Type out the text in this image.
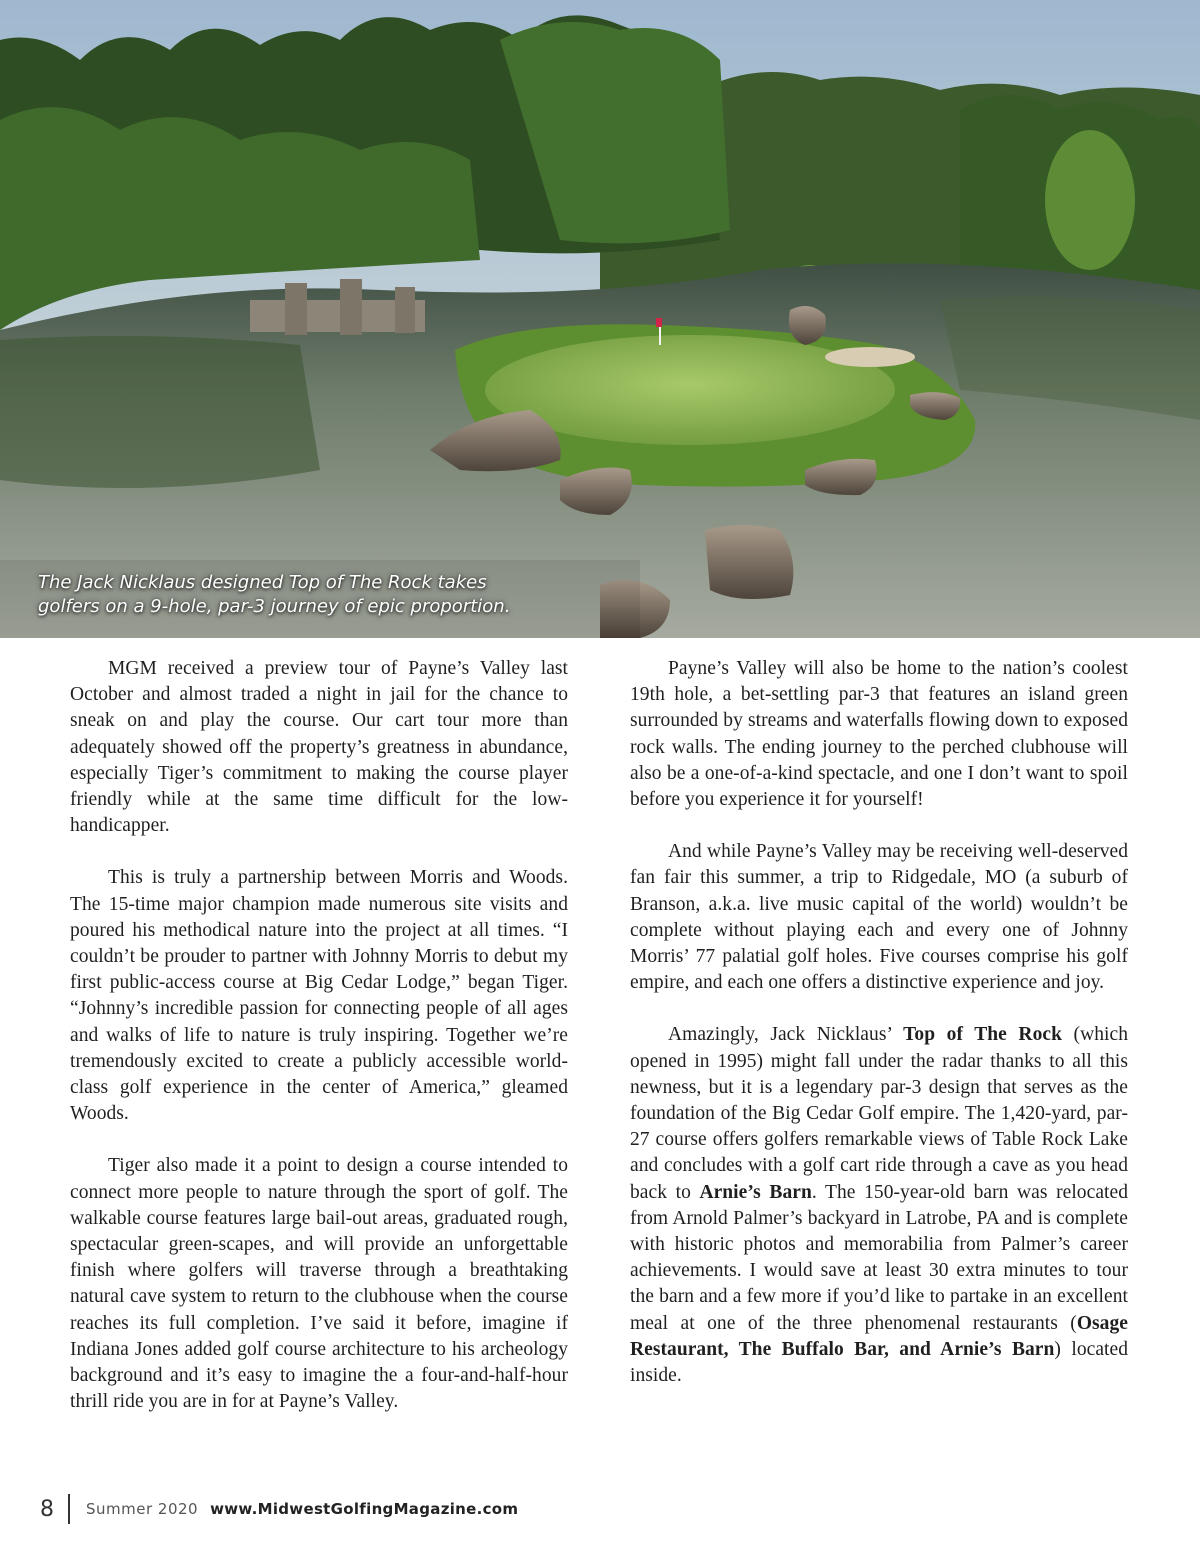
The Jack Nicklaus designed Top of The Rock takes
golfers on a 9-hole, par-3 journey of epic proportion.

MGM received a preview tour of Payne’s Valley last October and almost traded a night in jail for the chance to sneak on and play the course. Our cart tour more than adequately showed off the property’s greatness in abundance, especially Tiger’s commitment to making the course player friendly while at the same time difficult for the low-handicapper.

This is truly a partnership between Morris and Woods. The 15-time major champion made numerous site visits and poured his methodical nature into the project at all times. “I couldn’t be prouder to partner with Johnny Morris to debut my first public-access course at Big Cedar Lodge,” began Tiger. “Johnny’s incredible passion for connecting people of all ages and walks of life to nature is truly inspiring. Together we’re tremendously excited to create a publicly accessible world-class golf experience in the center of America,” gleamed Woods.

Tiger also made it a point to design a course intended to connect more people to nature through the sport of golf. The walkable course features large bail-out areas, graduated rough, spectacular green-scapes, and will provide an unforgettable finish where golfers will traverse through a breathtaking natural cave system to return to the clubhouse when the course reaches its full completion. I’ve said it before, imagine if Indiana Jones added golf course architecture to his archeology background and it’s easy to imagine the a four-and-half-hour thrill ride you are in for at Payne’s Valley.

Payne’s Valley will also be home to the nation’s coolest 19th hole, a bet-settling par-3 that features an island green surrounded by streams and waterfalls flowing down to exposed rock walls. The ending journey to the perched clubhouse will also be a one-of-a-kind spectacle, and one I don’t want to spoil before you experience it for yourself!

And while Payne’s Valley may be receiving well-deserved fan fair this summer, a trip to Ridgedale, MO (a suburb of Branson, a.k.a. live music capital of the world) wouldn’t be complete without playing each and every one of Johnny Morris’ 77 palatial golf holes. Five courses comprise his golf empire, and each one offers a distinctive experience and joy.

Amazingly, Jack Nicklaus’ Top of The Rock (which opened in 1995) might fall under the radar thanks to all this newness, but it is a legendary par-3 design that serves as the foundation of the Big Cedar Golf empire. The 1,420-yard, par-27 course offers golfers remarkable views of Table Rock Lake and concludes with a golf cart ride through a cave as you head back to Arnie’s Barn. The 150-year-old barn was relocated from Arnold Palmer’s backyard in Latrobe, PA and is complete with historic photos and memorabilia from Palmer’s career achievements. I would save at least 30 extra minutes to tour the barn and a few more if you’d like to partake in an excellent meal at one of the three phenomenal restaurants (Osage Restaurant, The Buffalo Bar, and Arnie’s Barn) located inside.

8 Summer 2020 www.MidwestGolfingMagazine.com
